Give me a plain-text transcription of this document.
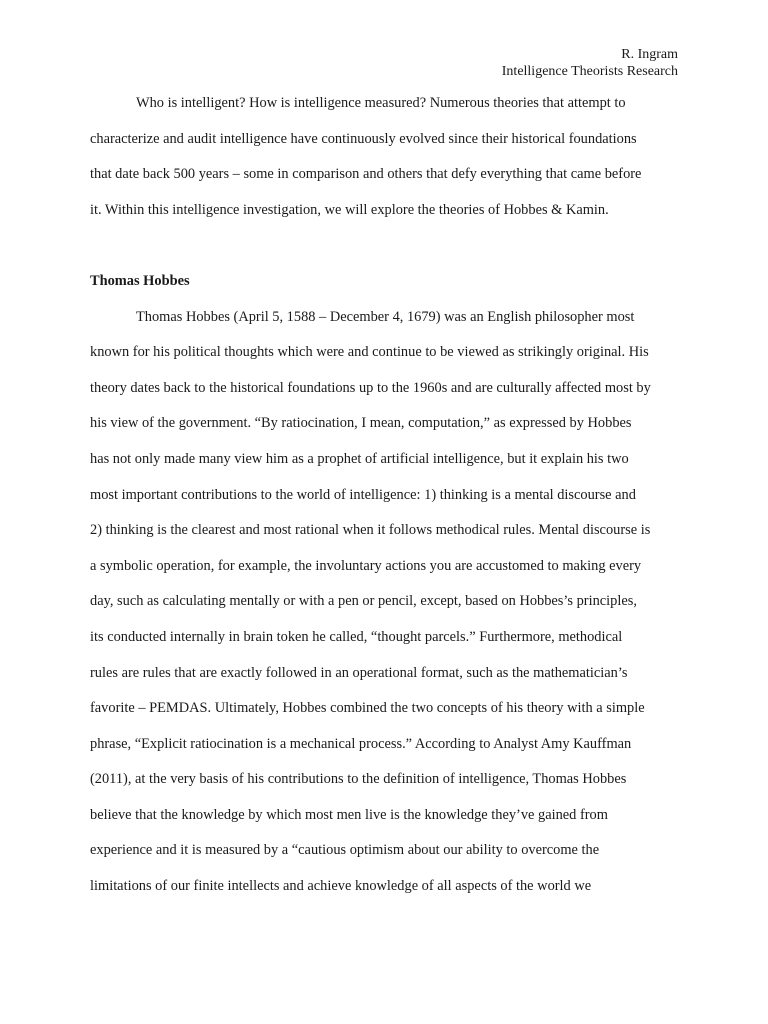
R. Ingram
Intelligence Theorists Research
Who is intelligent? How is intelligence measured? Numerous theories that attempt to
characterize and audit intelligence have continuously evolved since their historical foundations
that date back 500 years – some in comparison and others that defy everything that came before
it. Within this intelligence investigation, we will explore the theories of Hobbes & Kamin.
Thomas Hobbes
Thomas Hobbes (April 5, 1588 – December 4, 1679) was an English philosopher most
known for his political thoughts which were and continue to be viewed as strikingly original. His
theory dates back to the historical foundations up to the 1960s and are culturally affected most by
his view of the government. “By ratiocination, I mean, computation,” as expressed by Hobbes
has not only made many view him as a prophet of artificial intelligence, but it explain his two
most important contributions to the world of intelligence: 1) thinking is a mental discourse and
2) thinking is the clearest and most rational when it follows methodical rules. Mental discourse is
a symbolic operation, for example, the involuntary actions you are accustomed to making every
day, such as calculating mentally or with a pen or pencil, except, based on Hobbes’s principles,
its conducted internally in brain token he called, “thought parcels.” Furthermore, methodical
rules are rules that are exactly followed in an operational format, such as the mathematician’s
favorite – PEMDAS. Ultimately, Hobbes combined the two concepts of his theory with a simple
phrase, “Explicit ratiocination is a mechanical process.” According to Analyst Amy Kauffman
(2011), at the very basis of his contributions to the definition of intelligence, Thomas Hobbes
believe that the knowledge by which most men live is the knowledge they’ve gained from
experience and it is measured by a “cautious optimism about our ability to overcome the
limitations of our finite intellects and achieve knowledge of all aspects of the world we
